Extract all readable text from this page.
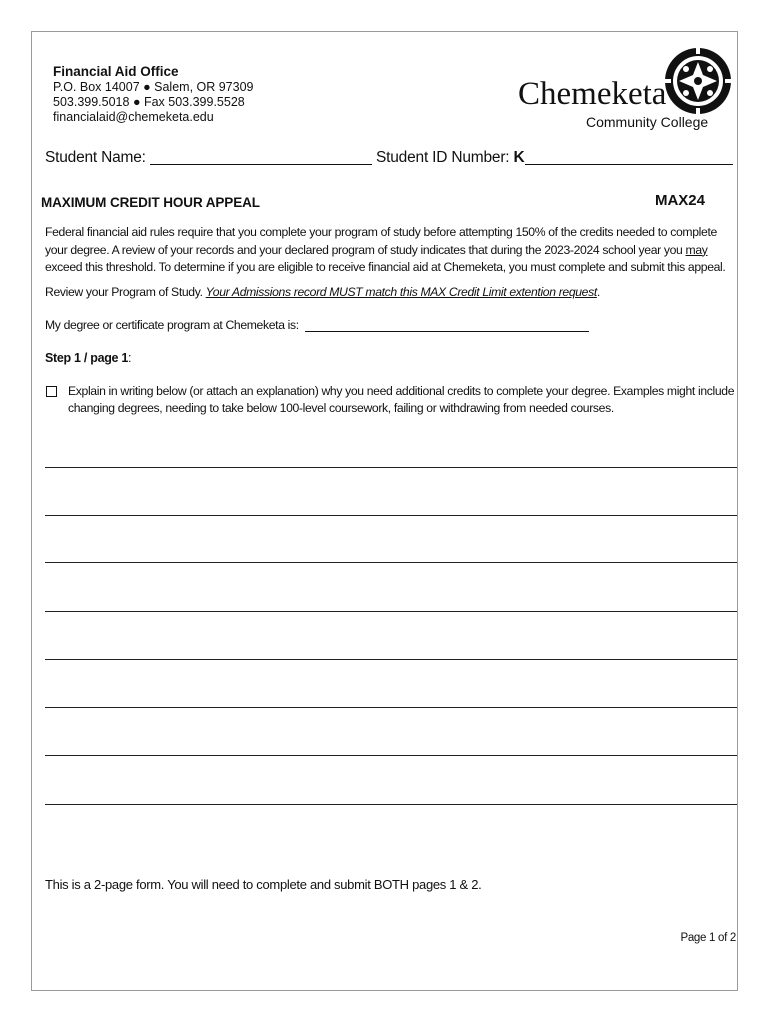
Financial Aid Office
P.O. Box 14007 ● Salem, OR 97309
503.399.5018 ● Fax 503.399.5528
financialaid@chemeketa.edu
Chemeketa
Community College
Student Name:	Student ID Number: K
MAXIMUM CREDIT HOUR APPEAL	MAX24
Federal financial aid rules require that you complete your program of study before attempting 150% of the credits needed to complete your degree. A review of your records and your declared program of study indicates that during the 2023-2024 school year you may exceed this threshold. To determine if you are eligible to receive financial aid at Chemeketa, you must complete and submit this appeal.
Review your Program of Study. Your Admissions record MUST match this MAX Credit Limit extention request.
My degree or certificate program at Chemeketa is:
Step 1 / page 1:
Explain in writing below (or attach an explanation) why you need additional credits to complete your degree. Examples might include changing degrees, needing to take below 100-level coursework, failing or withdrawing from needed courses.
This is a 2-page form. You will need to complete and submit BOTH pages 1 & 2.
Page 1 of 2
